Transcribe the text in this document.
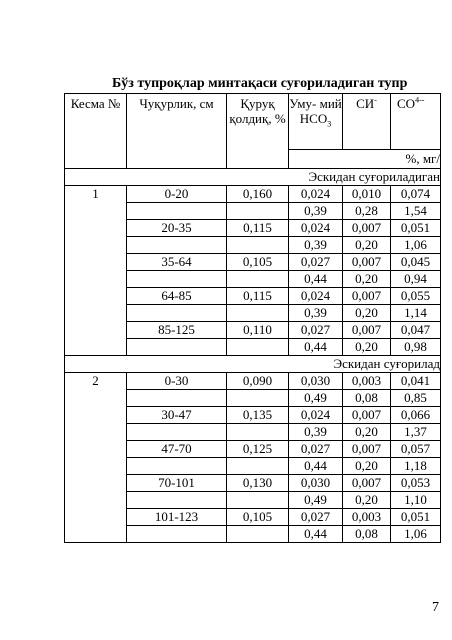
Бўз тупроқлар минтақаси суғориладиган тупр
Кесма №	Чуқурлик, см	Қуруқ қолдиқ, %	Уму- мий $НСО_3$	СИ-	$СО^{4--}$
			%, мг/		
Эскидан суғориладиган					
1	0-20	0,160	0,024	0,010	0,074
			0,39	0,28	1,54
	20-35	0,115	0,024	0,007	0,051
			0,39	0,20	1,06
	35-64	0,105	0,027	0,007	0,045
			0,44	0,20	0,94
	64-85	0,115	0,024	0,007	0,055
			0,39	0,20	1,14
	85-125	0,110	0,027	0,007	0,047
			0,44	0,20	0,98
Эскидан суғорилад					
2	0-30	0,090	0,030	0,003	0,041
			0,49	0,08	0,85
	30-47	0,135	0,024	0,007	0,066
			0,39	0,20	1,37
	47-70	0,125	0,027	0,007	0,057
			0,44	0,20	1,18
	70-101	0,130	0,030	0,007	0,053
			0,49	0,20	1,10
	101-123	0,105	0,027	0,003	0,051
			0,44	0,08	1,06
7
